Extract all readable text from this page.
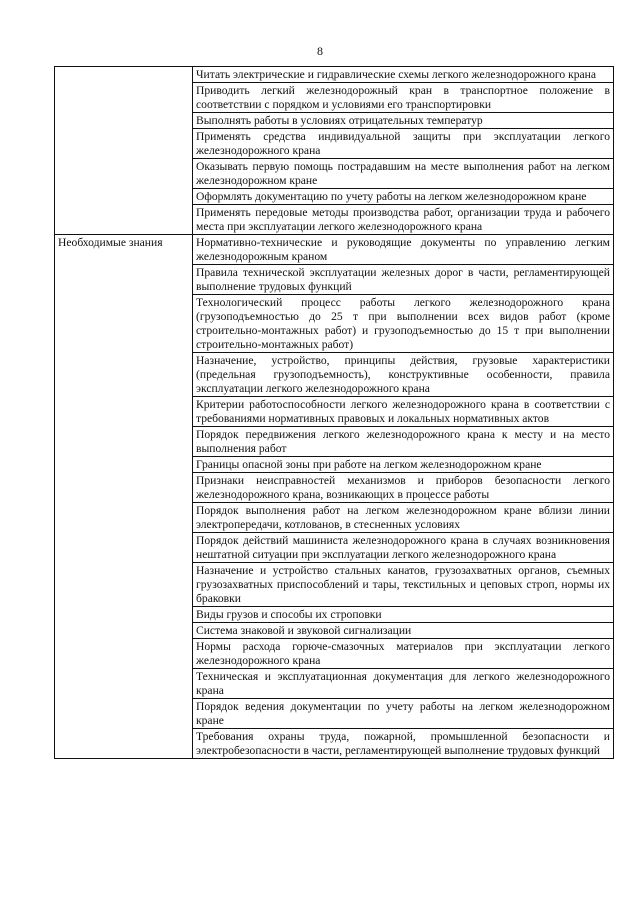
8
	Читать электрические и гидравлические схемы легкого железнодорожного крана
	Приводить легкий железнодорожный кран в транспортное положение в соответствии с порядком и условиями его транспортировки
	Выполнять работы в условиях отрицательных температур
	Применять средства индивидуальной защиты при эксплуатации легкого железнодорожного крана
	Оказывать первую помощь пострадавшим на месте выполнения работ на легком железнодорожном кране
	Оформлять документацию по учету работы на легком железнодорожном кране
	Применять передовые методы производства работ, организации труда и рабочего места при эксплуатации легкого железнодорожного крана
Необходимые знания	Нормативно-технические и руководящие документы по управлению легким железнодорожным краном
	Правила технической эксплуатации железных дорог в части, регламентирующей выполнение трудовых функций
	Технологический процесс работы легкого железнодорожного крана (грузоподъемностью до 25 т при выполнении всех видов работ (кроме строительно-монтажных работ) и грузоподъемностью до 15 т при выполнении строительно-монтажных работ)
	Назначение, устройство, принципы действия, грузовые характеристики (предельная грузоподъемность), конструктивные особенности, правила эксплуатации легкого железнодорожного крана
	Критерии работоспособности легкого железнодорожного крана в соответствии с требованиями нормативных правовых и локальных нормативных актов
	Порядок передвижения легкого железнодорожного крана к месту и на место выполнения работ
	Границы опасной зоны при работе на легком железнодорожном кране
	Признаки неисправностей механизмов и приборов безопасности легкого железнодорожного крана, возникающих в процессе работы
	Порядок выполнения работ на легком железнодорожном кране вблизи линии электропередачи, котлованов, в стесненных условиях
	Порядок действий машиниста железнодорожного крана в случаях возникновения нештатной ситуации при эксплуатации легкого железнодорожного крана
	Назначение и устройство стальных канатов, грузозахватных органов, съемных грузозахватных приспособлений и тары, текстильных и цеповых строп, нормы их браковки
	Виды грузов и способы их строповки
	Система знаковой и звуковой сигнализации
	Нормы расхода горюче-смазочных материалов при эксплуатации легкого железнодорожного крана
	Техническая и эксплуатационная документация для легкого железнодорожного крана
	Порядок ведения документации по учету работы на легком железнодорожном кране
	Требования охраны труда, пожарной, промышленной безопасности и электробезопасности в части, регламентирующей выполнение трудовых функций
